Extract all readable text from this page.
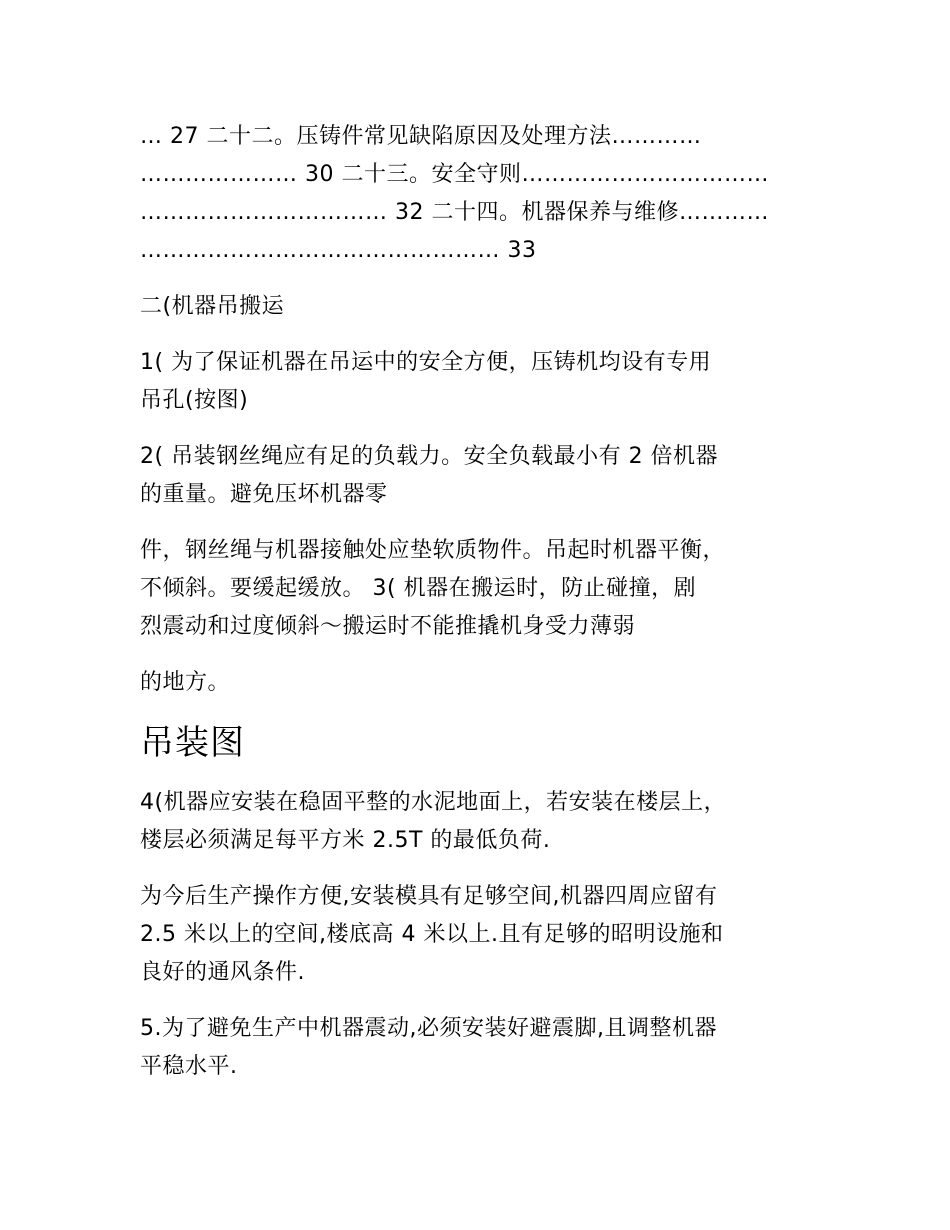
… 27 二十二。压铸件常见缺陷原因及处理方法…………
………………… 30 二十三。安全守则……………………………
…………………………… 32 二十四。机器保养与维修…………
………………………………………… 33
二(机器吊搬运
1( 为了保证机器在吊运中的安全方便，压铸机均设有专用
吊孔(按图)
2( 吊装钢丝绳应有足的负载力。安全负载最小有 2 倍机器
的重量。避免压坏机器零
件，钢丝绳与机器接触处应垫软质物件。吊起时机器平衡，
不倾斜。要缓起缓放。 3( 机器在搬运时，防止碰撞，剧
烈震动和过度倾斜～搬运时不能推撬机身受力薄弱
的地方。
吊装图
4(机器应安装在稳固平整的水泥地面上，若安装在楼层上，
楼层必须满足每平方米 2.5T 的最低负荷.
为今后生产操作方便,安装模具有足够空间,机器四周应留有
2.5 米以上的空间,楼底高 4 米以上.且有足够的昭明设施和
良好的通风条件.
5.为了避免生产中机器震动,必须安装好避震脚,且调整机器
平稳水平.
